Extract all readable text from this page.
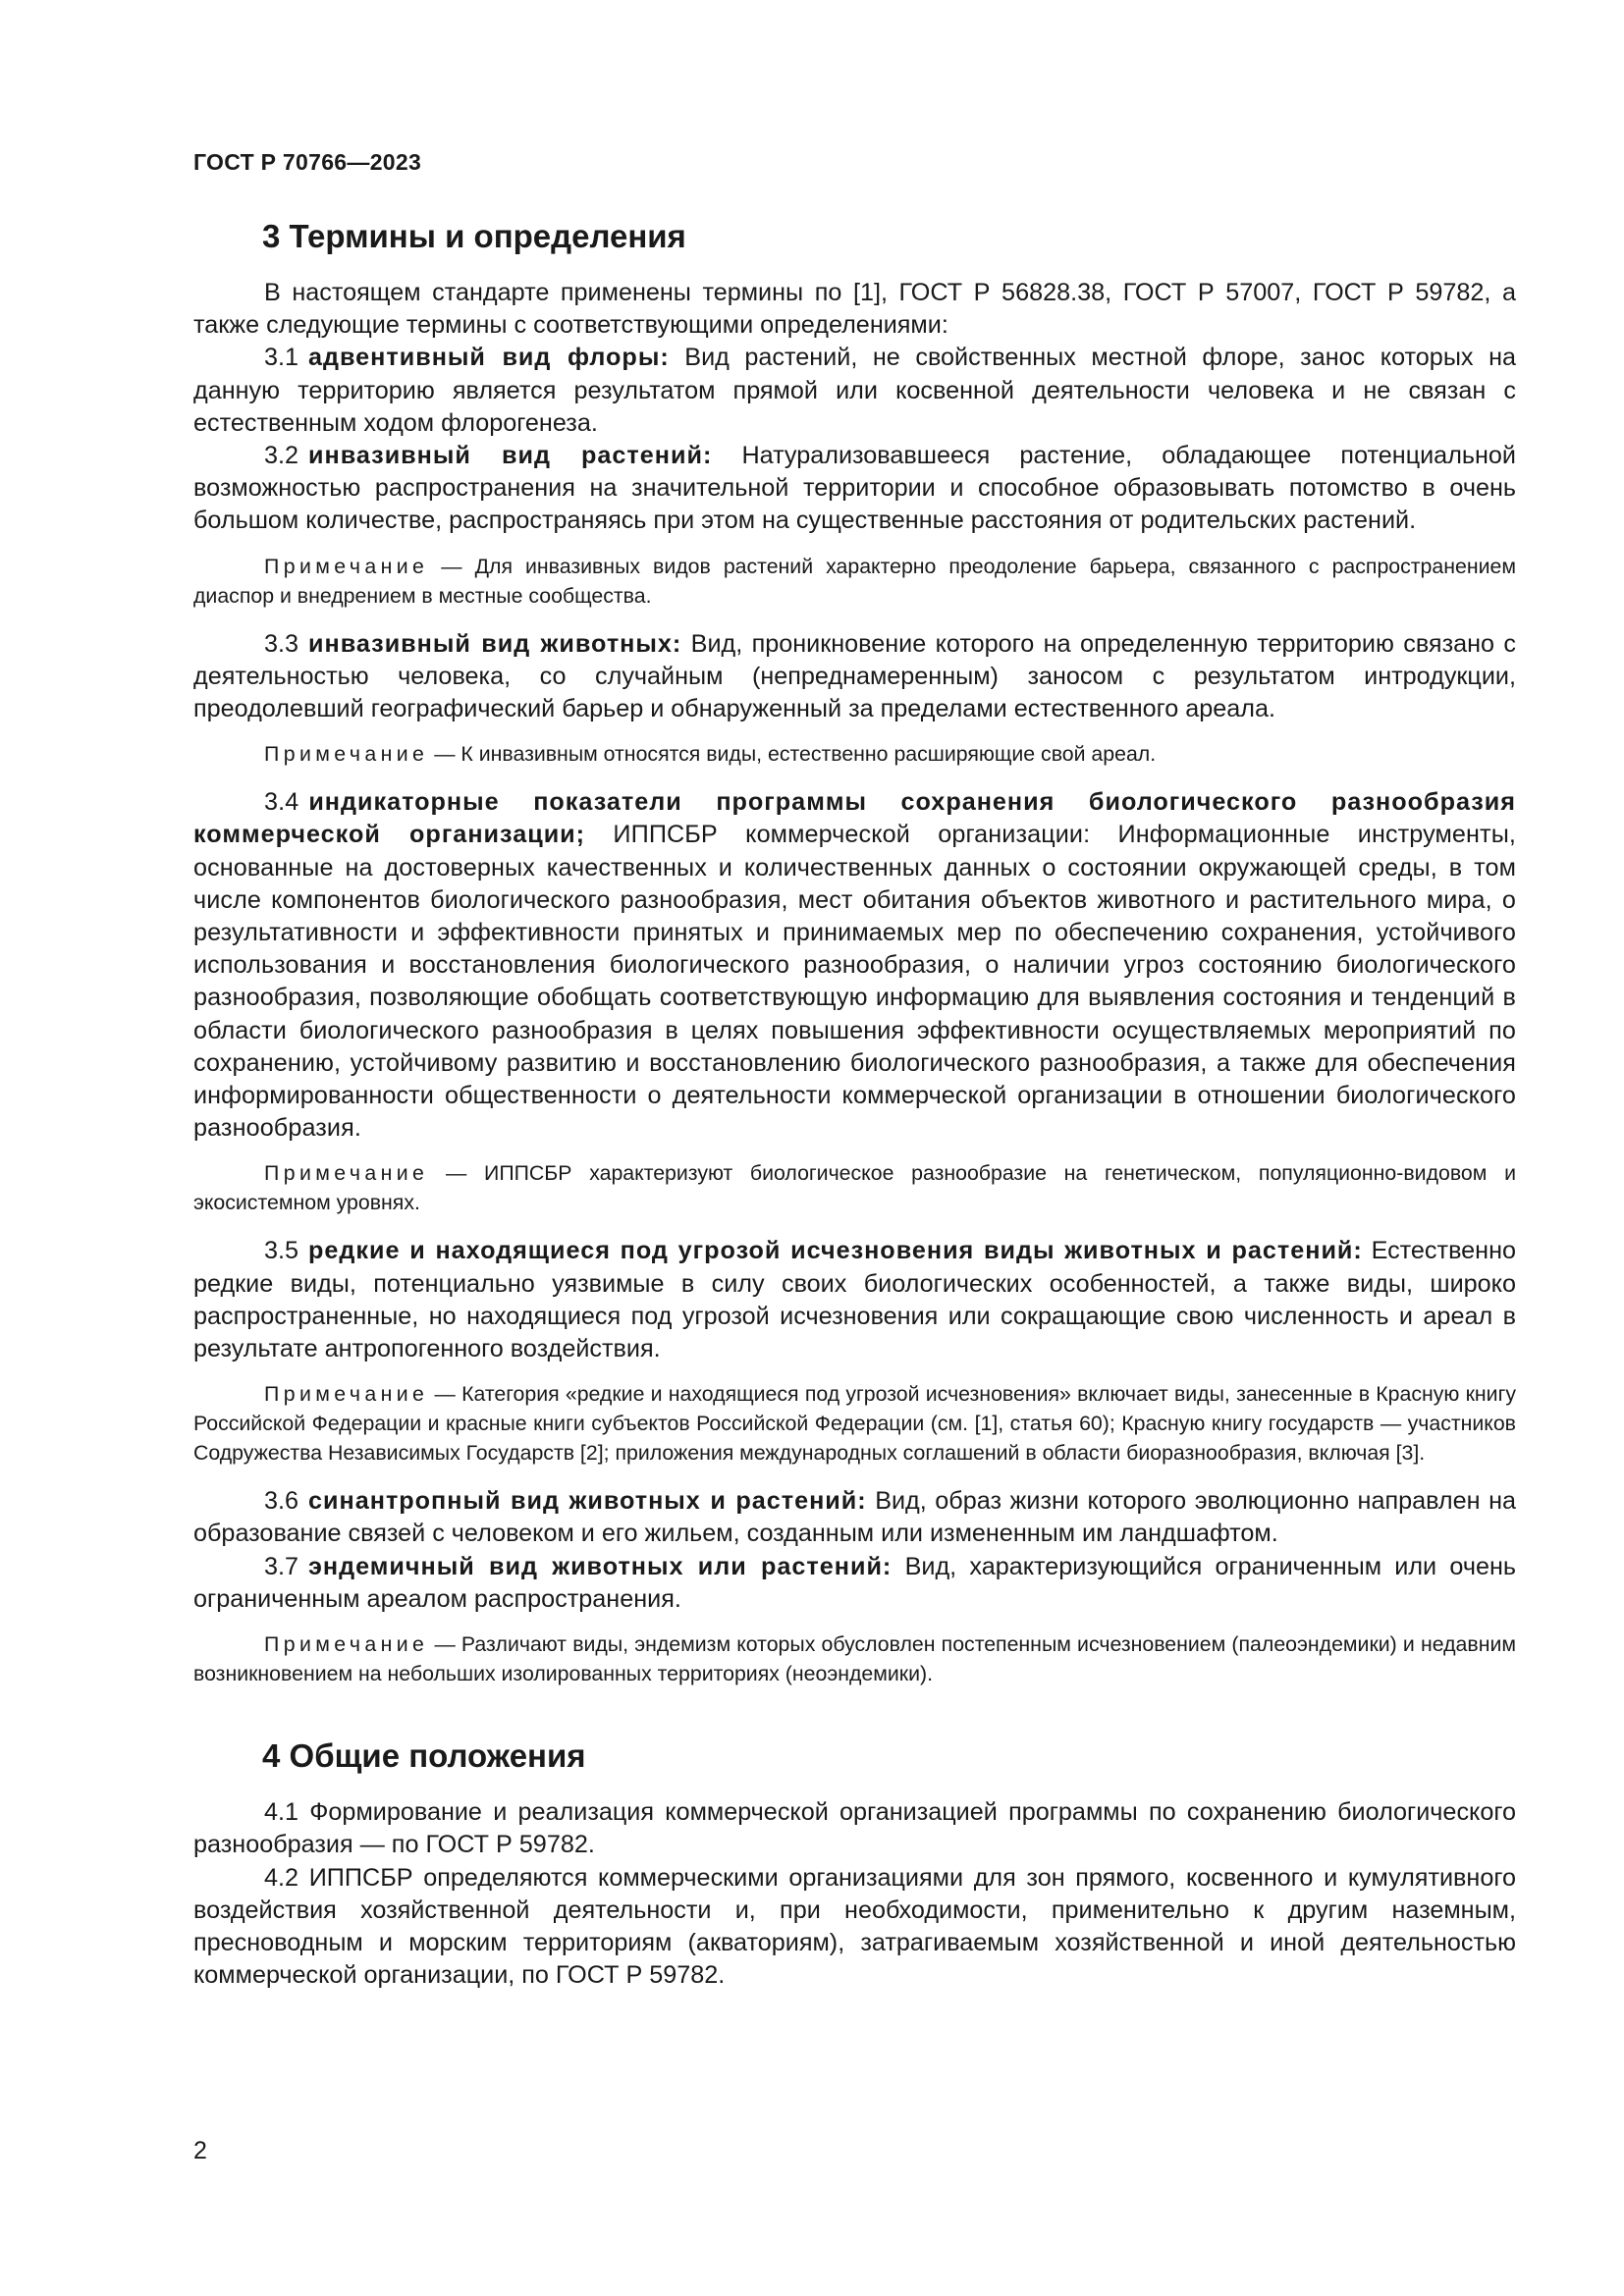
ГОСТ Р 70766—2023
3 Термины и определения

В настоящем стандарте применены термины по [1], ГОСТ Р 56828.38, ГОСТ Р 57007, ГОСТ Р 59782, а также следующие термины с соответствующими определениями:

3.1 адвентивный вид флоры: Вид растений, не свойственных местной флоре, занос которых на данную территорию является результатом прямой или косвенной деятельности человека и не связан с естественным ходом флорогенеза.

3.2 инвазивный вид растений: Натурализовавшееся растение, обладающее потенциальной возможностью распространения на значительной территории и способное образовывать потомство в очень большом количестве, распространяясь при этом на существенные расстояния от родительских растений.

Примечание — Для инвазивных видов растений характерно преодоление барьера, связанного с распространением диаспор и внедрением в местные сообщества.

3.3 инвазивный вид животных: Вид, проникновение которого на определенную территорию связано с деятельностью человека, со случайным (непреднамеренным) заносом с результатом интродукции, преодолевший географический барьер и обнаруженный за пределами естественного ареала.

Примечание — К инвазивным относятся виды, естественно расширяющие свой ареал.

3.4 индикаторные показатели программы сохранения биологического разнообразия коммерческой организации; ИППСБР коммерческой организации: Информационные инструменты, основанные на достоверных качественных и количественных данных о состоянии окружающей среды, в том числе компонентов биологического разнообразия, мест обитания объектов животного и растительного мира, о результативности и эффективности принятых и принимаемых мер по обеспечению сохранения, устойчивого использования и восстановления биологического разнообразия, о наличии угроз состоянию биологического разнообразия, позволяющие обобщать соответствующую информацию для выявления состояния и тенденций в области биологического разнообразия в целях повышения эффективности осуществляемых мероприятий по сохранению, устойчивому развитию и восстановлению биологического разнообразия, а также для обеспечения информированности общественности о деятельности коммерческой организации в отношении биологического разнообразия.

Примечание — ИППСБР характеризуют биологическое разнообразие на генетическом, популяционно-видовом и экосистемном уровнях.

3.5 редкие и находящиеся под угрозой исчезновения виды животных и растений: Естественно редкие виды, потенциально уязвимые в силу своих биологических особенностей, а также виды, широко распространенные, но находящиеся под угрозой исчезновения или сокращающие свою численность и ареал в результате антропогенного воздействия.

Примечание — Категория «редкие и находящиеся под угрозой исчезновения» включает виды, занесенные в Красную книгу Российской Федерации и красные книги субъектов Российской Федерации (см. [1], статья 60); Красную книгу государств — участников Содружества Независимых Государств [2]; приложения международных соглашений в области биоразнообразия, включая [3].

3.6 синантропный вид животных и растений: Вид, образ жизни которого эволюционно направлен на образование связей с человеком и его жильем, созданным или измененным им ландшафтом.

3.7 эндемичный вид животных или растений: Вид, характеризующийся ограниченным или очень ограниченным ареалом распространения.

Примечание — Различают виды, эндемизм которых обусловлен постепенным исчезновением (палеоэндемики) и недавним возникновением на небольших изолированных территориях (неоэндемики).
4 Общие положения

4.1 Формирование и реализация коммерческой организацией программы по сохранению биологического разнообразия — по ГОСТ Р 59782.

4.2 ИППСБР определяются коммерческими организациями для зон прямого, косвенного и кумулятивного воздействия хозяйственной деятельности и, при необходимости, применительно к другим наземным, пресноводным и морским территориям (акваториям), затрагиваемым хозяйственной и иной деятельностью коммерческой организации, по ГОСТ Р 59782.

2
